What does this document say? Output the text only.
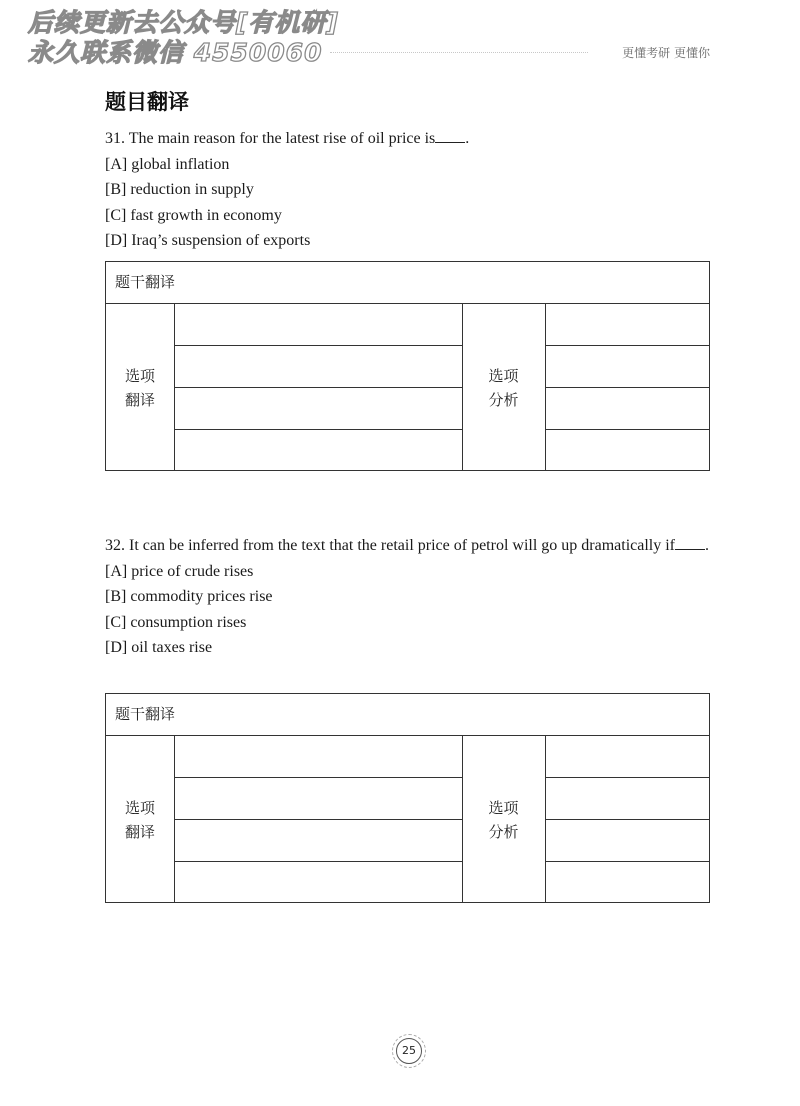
后续更新去公众号[有机研]
永久联系微信 4550060	更懂考研 更懂你
题目翻译
31. The main reason for the latest rise of oil price is .
[A] global inflation
[B] reduction in supply
[C] fast growth in economy
[D] Iraq’s suspension of exports
题干翻译
选项
翻译
选项
分析
32. It can be inferred from the text that the retail price of petrol will go up dramatically if .
[A] price of crude rises
[B] commodity prices rise
[C] consumption rises
[D] oil taxes rise
题干翻译
选项
翻译
选项
分析
25
